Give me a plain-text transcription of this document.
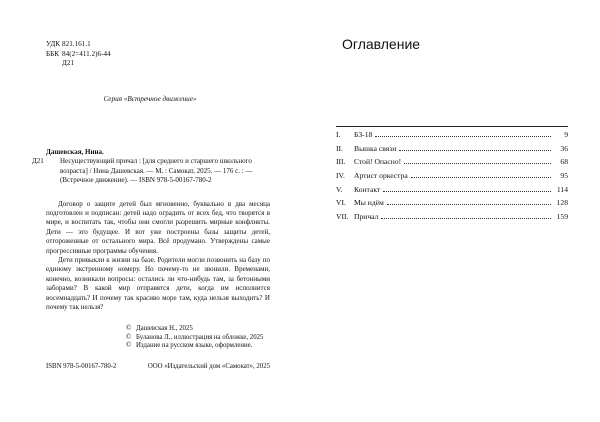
УДК 821.161.1
ББК 84(2=411.2)6-44
Д21
Серия «Встречное движение»
Дашевская, Нина.
Д21 Несуществующий причал : [для среднего и старшего школьного возраста] / Нина Дашевская. — М. : Самокат, 2025. — 176 с. : — (Встречное движение). — ISBN 978-5-00167-780-2

Договор о защите детей был мгновенно, буквально в два месяца подготовлен и подписан: детей надо оградить от всех бед, что творятся в мире, и воспитать так, чтобы они смогли разрешить мирные конфликты. Дети — это будущее. И вот уже построены базы защиты детей, отгороженные от остального мира. Всё продумано. Утверждены самые прогрессивные программы обучения.

Дети привыкли к жизни на базе. Родители могли позвонить на базу по единому экстренному номеру. Но почему-то не звонили. Временами, конечно, возникали вопросы: остались ли что-нибудь там, за бетонными заборами? В какой мир отправятся дети, когда им исполнится восемнадцать? И почему так красиво море там, куда нельзя выходить? И почему так нельзя?

© Дашевская Н., 2025
© Буланова Л., иллюстрация на обложке, 2025
© Издание на русском языке, оформление.
ISBN 978-5-00167-780-2	ООО «Издательский дом «Самокат», 2025
Оглавление
I.	БЗ-18	9
II.	Вышка связи	36
III.	Стой! Опасно!	68
IV.	Артист оркестра	95
V.	Контакт	114
VI.	Мы идём	128
VII. Причал	159
